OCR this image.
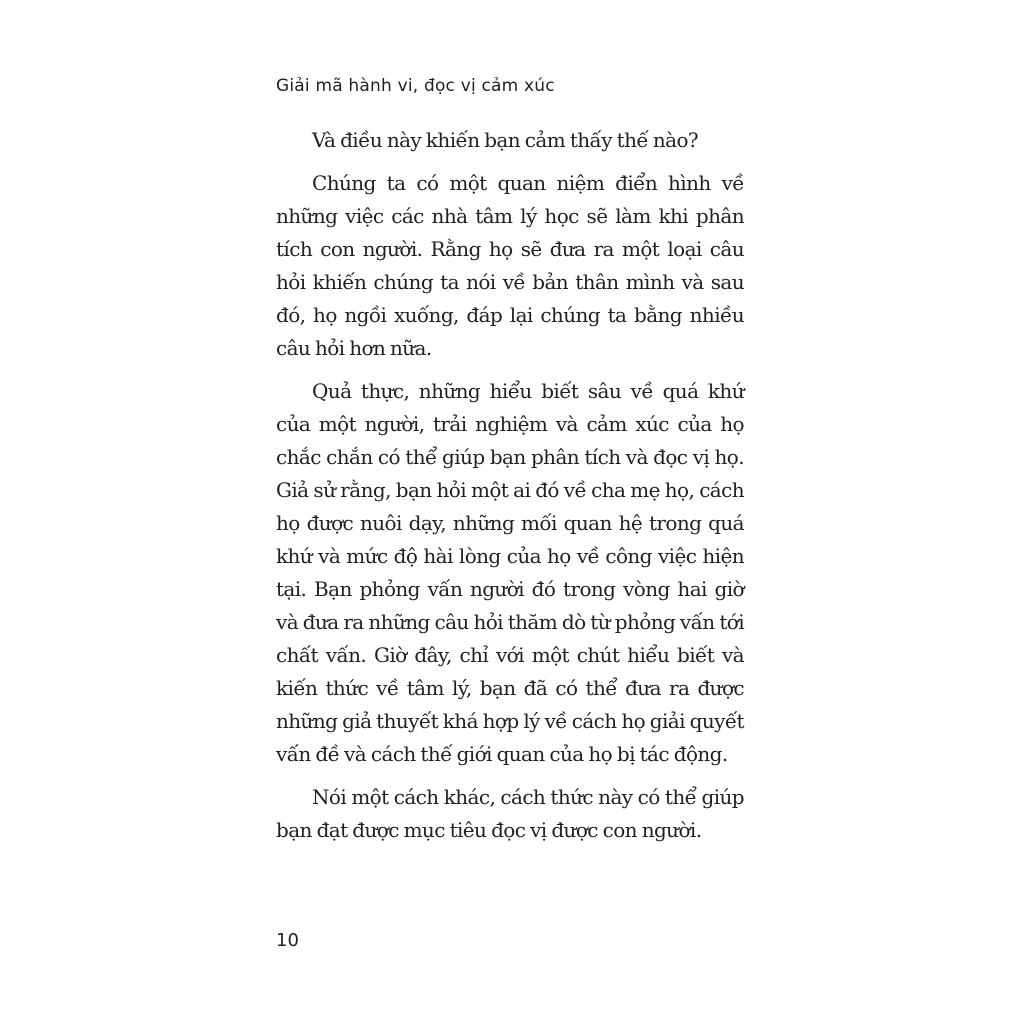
Giải mã hành vi, đọc vị cảm xúc

Và điều này khiến bạn cảm thấy thế nào?

Chúng ta có một quan niệm điển hình về những việc các nhà tâm lý học sẽ làm khi phân tích con người. Rằng họ sẽ đưa ra một loại câu hỏi khiến chúng ta nói về bản thân mình và sau đó, họ ngồi xuống, đáp lại chúng ta bằng nhiều câu hỏi hơn nữa.

Quả thực, những hiểu biết sâu về quá khứ của một người, trải nghiệm và cảm xúc của họ chắc chắn có thể giúp bạn phân tích và đọc vị họ. Giả sử rằng, bạn hỏi một ai đó về cha mẹ họ, cách họ được nuôi dạy, những mối quan hệ trong quá khứ và mức độ hài lòng của họ về công việc hiện tại. Bạn phỏng vấn người đó trong vòng hai giờ và đưa ra những câu hỏi thăm dò từ phỏng vấn tới chất vấn. Giờ đây, chỉ với một chút hiểu biết và kiến thức về tâm lý, bạn đã có thể đưa ra được những giả thuyết khá hợp lý về cách họ giải quyết vấn đề và cách thế giới quan của họ bị tác động.

Nói một cách khác, cách thức này có thể giúp bạn đạt được mục tiêu đọc vị được con người.

10
